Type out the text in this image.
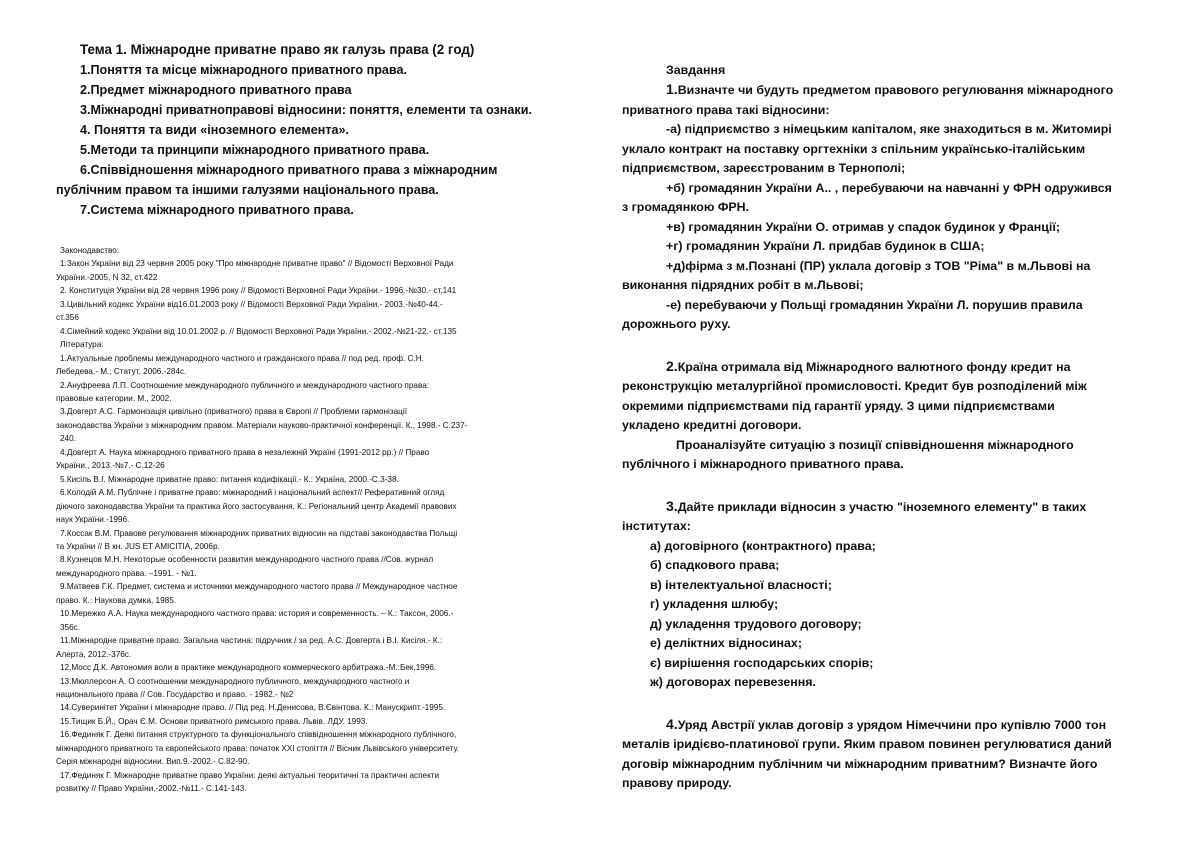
Тема 1. Міжнародне приватне право як галузь права (2 год)
1.Поняття та місце міжнародного приватного права.
2.Предмет міжнародного приватного права
3.Міжнародні приватноправові відносини: поняття, елементи та ознаки.
4. Поняття та види «іноземного елемента».
5.Методи та принципи міжнародного приватного права.
6.Співвідношення міжнародного приватного права з міжнародним
публічним правом та іншими галузями національного права.
7.Система міжнародного приватного права.
Законодавство:
1.Закон України від 23 червня 2005 року "Про міжнародне приватне право" // Відомості Верховної Ради
України.-2005, N 32, ст.422
2. Конституція України від 28 червня 1996 року // Відомості Верховної Ради України.- 1996.-№30.- ст.141
3.Цивільний кодекс України від16.01.2003 року // Відомості Верховної Ради України.- 2003.-№40-44.-
ст.356
4.Сімейний кодекс України від 10.01.2002 р. // Відомості Верховної Ради України.- 2002.-№21-22.- ст.135
Література:
1.Актуальные проблемы международного частного и гражданского права // под ред. проф. С.Н.
Лебедева.- М.: Статут, 2006.-284с.
2.Ануфреева Л.П. Соотношение международного публичного и международного частного права:
правовые категории. М., 2002.
3.Довгерт А.С. Гармонізація цивільно (приватного) права в Європі // Проблеми гармонізації
законодавства України з міжнародним правом. Матеріали науково-практичної конференції. К., 1998.- С.237-
240.
4.Довгерт А. Наука міжнародного приватного права в незалежній Україні (1991-2012 рр.) // Право
України., 2013.-№7.- С.12-26
5.Кисіль В.І. Міжнародне приватне право: питання кодифікації.- К.: Україна, 2000.-С.3-38.
6.Колодій А.М. Публічне і приватне право: міжнародний і національний аспект// Реферативний огляд
діючого законодавства України та практика його застосування. К.: Регіональний центр Академії правових
наук України.-1996.
7.Коссак В.М. Правове регулювання міжнародних приватних відносин на підставі законодавства Польщі
та України // В кн. JUS ET AMICITIA, 2006р.
8.Кузнецов М.Н. Некоторые особенности развития международного частного права //Сов. журнал
международного права. –1991. - №1.
9.Матвеев Г.К. Предмет, система и источники международного частого права // Международное частное
право. К.: Наукова думка, 1985.
10.Мережко А.А. Наука международного частного права: история и современность. – К.: Таксон, 2006.-
356с.
11.Міжнародне приватне право. Загальна частина: підручник / за ред. А.С. Довгерта і В.І. Кисіля.- К.:
Алерта, 2012.-376с.
12.Мосс Д.К. Автономия воли в практике международного коммерческого арбитража.-М.:Бек,1996.
13.Мюллерсон А. О соотношении международного публичного, международного частного и
национального права // Сов. Государство и право. - 1982.- №2
14.Суверинітет України і міжнародне право. // Під ред. Н.Денисова, В.Євінтова. К.: Манускрипт.-1995.
15.Тищик Б.Й., Орач Є.М. Основи приватного римського права. Львів. ЛДУ. 1993.
16.Фединяк Г. Деякі питання структурного та функціонального співвідношення міжнародного публічного,
міжнародного приватного та європейського права: початок ХХІ століття // Вісник Львівського університету.
Серія міжнародні відносини. Вип.9.-2002.- С.82-90.
17.Фединяк Г. Міжнародне приватне право України: деякі актуальні теоритичні та практичні аспекти
розвитку // Право України.-2002.-№11.- С.141-143.
Завдання
1.Визначте чи будуть предметом правового регулювання міжнародного
приватного права такі відносини:
-а) підприємство з німецьким капіталом, яке знаходиться в м. Житомирі
уклало контракт на поставку оргтехніки з спільним українсько-італійським
підприємством, зареєстрованим в Тернополі;
+б) громадянин України А.. , перебуваючи на навчанні у ФРН одружився
з громадянкою ФРН.
+в) громадянин України О. отримав у спадок будинок у Франції;
+г) громадянин України Л. придбав будинок в США;
+д)фірма з м.Познані (ПР) уклала договір з ТОВ "Ріма" в м.Львові на
виконання підрядних робіт в м.Львові;
-е) перебуваючи у Польщі громадянин України Л. порушив правила
дорожнього руху.
2.Країна отримала від Міжнародного валютного фонду кредит на
реконструкцію металургійної промисловості. Кредит був розподілений між
окремими підприємствами під гарантії уряду. З цими підприємствами
укладено кредитні договори.
Проаналізуйте ситуацію з позиції співвідношення міжнародного
публічного і міжнародного приватного права.
3.Дайте приклади відносин з участю "іноземного елементу" в таких
інститутах:
а) договірного (контрактного) права;
б) спадкового права;
в) інтелектуальної власності;
г) укладення шлюбу;
д) укладення трудового договору;
е) деліктних відносинах;
є) вирішення господарських спорів;
ж) договорах перевезення.
4.Уряд Австрії уклав договір з урядом Німеччини про купівлю 7000 тон
металів іридієво-платинової групи. Яким правом повинен регулюватися даний
договір міжнародним публічним чи міжнародним приватним? Визначте його
правову природу.
